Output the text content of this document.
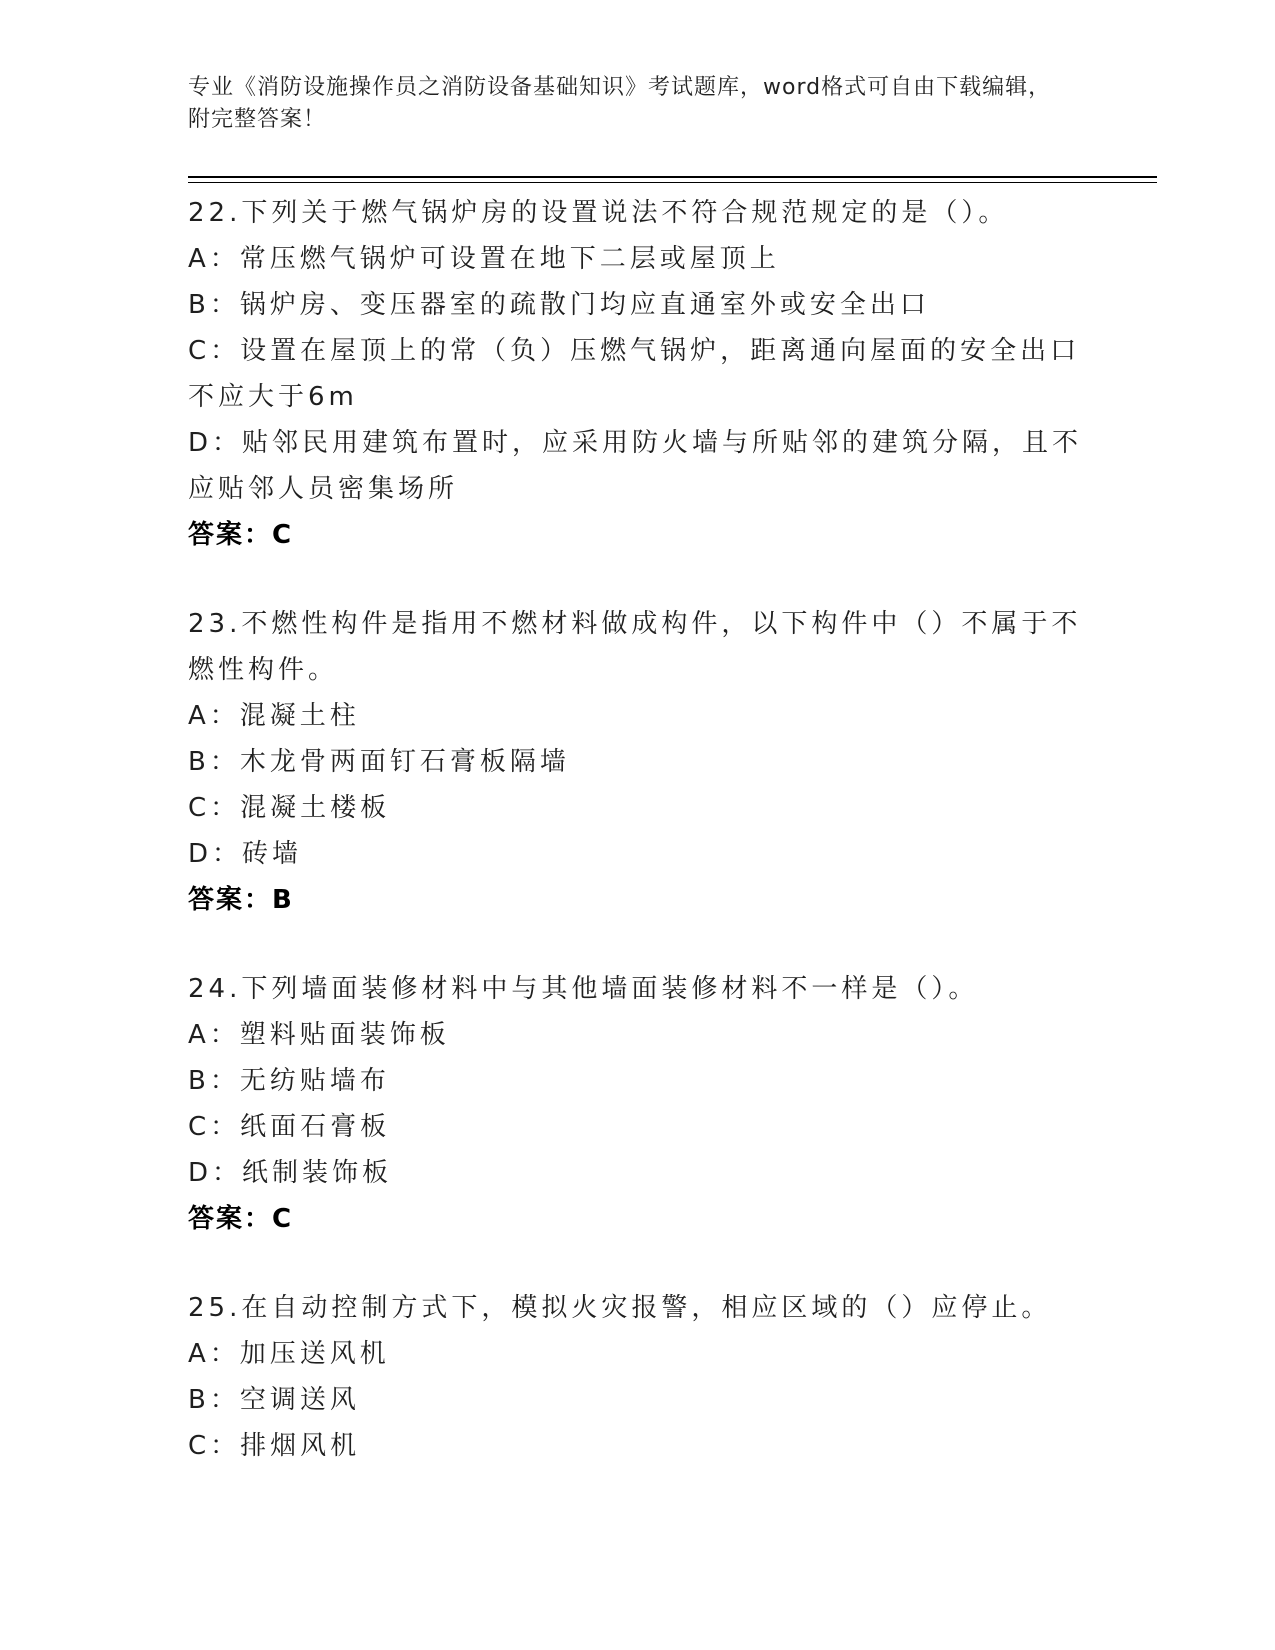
专业《消防设施操作员之消防设备基础知识》考试题库，word格式可自由下载编辑，附完整答案！

22.下列关于燃气锅炉房的设置说法不符合规范规定的是（）。

A：常压燃气锅炉可设置在地下二层或屋顶上

B：锅炉房、变压器室的疏散门均应直通室外或安全出口

C：设置在屋顶上的常（负）压燃气锅炉，距离通向屋面的安全出口不应大于6m

D：贴邻民用建筑布置时，应采用防火墙与所贴邻的建筑分隔，且不应贴邻人员密集场所

答案：C

23.不燃性构件是指用不燃材料做成构件，以下构件中（）不属于不燃性构件。

A：混凝土柱

B：木龙骨两面钉石膏板隔墙

C：混凝土楼板

D：砖墙

答案：B

24.下列墙面装修材料中与其他墙面装修材料不一样是（）。

A：塑料贴面装饰板

B：无纺贴墙布

C：纸面石膏板

D：纸制装饰板

答案：C

25.在自动控制方式下，模拟火灾报警，相应区域的（）应停止。

A：加压送风机

B：空调送风

C：排烟风机
